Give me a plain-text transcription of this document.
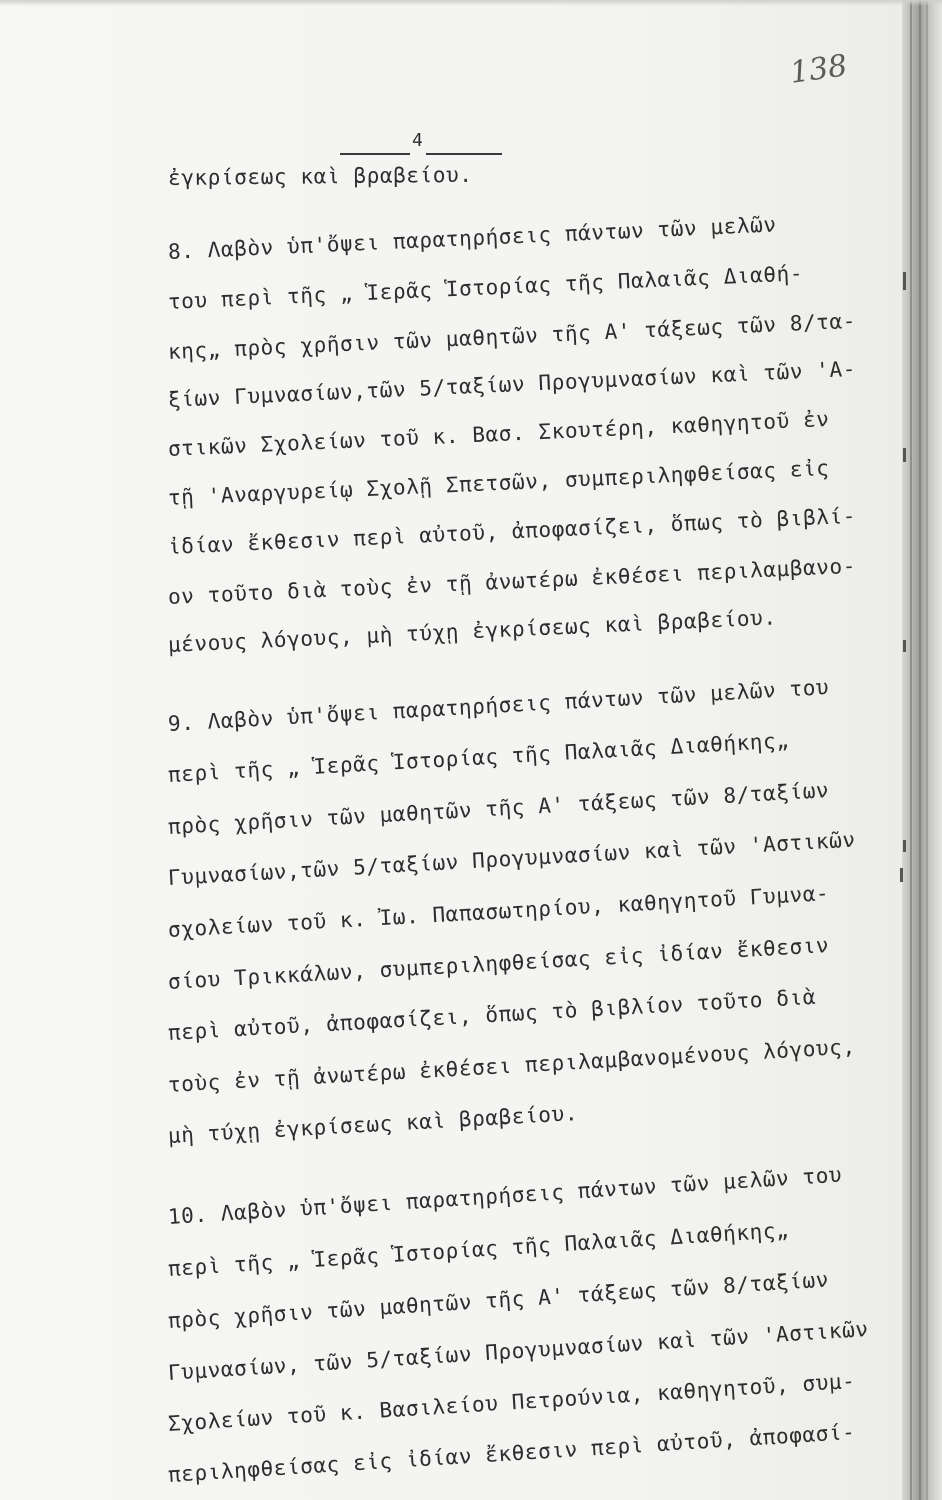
138
4
ἐγκρίσεως καὶ βραβείου.
8. Λαβὸν ὑπ'ὄψει παρατηρήσεις πάντων τῶν μελῶν
του περὶ τῆς „ Ἱερᾶς Ἱστορίας τῆς Παλαιᾶς Διαθή-
κης„ πρὸς χρῆσιν τῶν μαθητῶν τῆς Α' τάξεως τῶν 8/τα-
ξίων Γυμνασίων,τῶν 5/ταξίων Προγυμνασίων καὶ τῶν 'Α-
στικῶν Σχολείων τοῦ κ. Βασ. Σκουτέρη, καθηγητοῦ ἐν
τῇ 'Αναργυρείῳ Σχολῇ Σπετσῶν, συμπεριληφθείσας εἰς
ἰδίαν ἔκθεσιν περὶ αὐτοῦ, ἀποφασίζει, ὅπως τὸ βιβλί-
ον τοῦτο διὰ τοὺς ἐν τῇ ἀνωτέρω ἐκθέσει περιλαμβανο-
μένους λόγους, μὴ τύχῃ ἐγκρίσεως καὶ βραβείου.
9. Λαβὸν ὑπ'ὄψει παρατηρήσεις πάντων τῶν μελῶν του
περὶ τῆς „ Ἱερᾶς Ἱστορίας τῆς Παλαιᾶς Διαθήκης„
πρὸς χρῆσιν τῶν μαθητῶν τῆς Α' τάξεως τῶν 8/ταξίων
Γυμνασίων,τῶν 5/ταξίων Προγυμνασίων καὶ τῶν 'Αστικῶν
σχολείων τοῦ κ. Ἰω. Παπασωτηρίου, καθηγητοῦ Γυμνα-
σίου Τρικκάλων, συμπεριληφθείσας εἰς ἰδίαν ἔκθεσιν
περὶ αὐτοῦ, ἀποφασίζει, ὅπως τὸ βιβλίον τοῦτο διὰ
τοὺς ἐν τῇ ἀνωτέρω ἐκθέσει περιλαμβανομένους λόγους,
μὴ τύχῃ ἐγκρίσεως καὶ βραβείου.
10. Λαβὸν ὑπ'ὄψει παρατηρήσεις πάντων τῶν μελῶν του
περὶ τῆς „ Ἱερᾶς Ἱστορίας τῆς Παλαιᾶς Διαθήκης„
πρὸς χρῆσιν τῶν μαθητῶν τῆς Α' τάξεως τῶν 8/ταξίων
Γυμνασίων, τῶν 5/ταξίων Προγυμνασίων καὶ τῶν 'Αστικῶν
Σχολείων τοῦ κ. Βασιλείου Πετρούνια, καθηγητοῦ, συμ-
περιληφθείσας εἰς ἰδίαν ἔκθεσιν περὶ αὐτοῦ, ἀποφασί-
